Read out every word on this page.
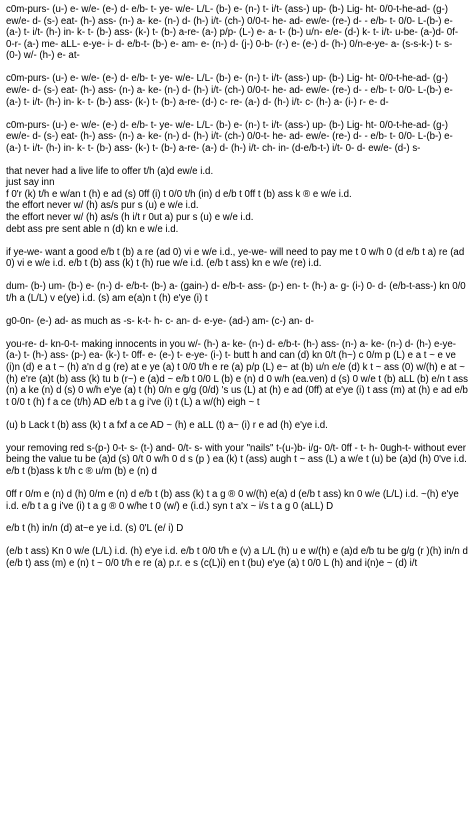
c0m-purs- (u-) e- w/e- (e-) d- e/b- t- ye- w/e- L/L- (b-) e- (n-) t- i/t- (ass-) up- (b-) Lig- ht- 0/0-t-he-ad- (g-) ew/e- d- (s-) eat- (h-) ass- (n-) a- ke- (n-) d- (h-) i/t- (ch-) 0/0-t- he- ad- ew/e- (re-) d- - e/b- t- 0/0- L-(b-) e- (a-) t- i/t- (h-) in- k- t- (b-) ass- (k-) t- (b-) a-re- (a-) p/p- (L-) e- a- t- (b-) u/n- e/e- (d-) k- t- i/t- u-be- (a-)d- 0f- 0-r- (a-) me- aLL- e-ye- i- d- e/b-t- (b-) e- am- e- (n-) d- (j-) 0-b- (r-) e- (e-) d- (h-) 0/n-e-ye- a- (s-s-k-) t- s- (0-) w/- (h-) e- at-

c0m-purs- (u-) e- w/e- (e-) d- e/b- t- ye- w/e- L/L- (b-) e- (n-) t- i/t- (ass-) up- (b-) Lig- ht- 0/0-t-he-ad- (g-) ew/e- d- (s-) eat- (h-) ass- (n-) a- ke- (n-) d- (h-) i/t- (ch-) 0/0-t- he- ad- ew/e- (re-) d- - e/b- t- 0/0- L-(b-) e- (a-) t- i/t- (h-) in- k- t- (b-) ass- (k-) t- (b-) a-re- (d-) c- re- (a-) d- (h-) i/t- c- (h-) a- (i-) r- e- d-

c0m-purs- (u-) e- w/e- (e-) d- e/b- t- ye- w/e- L/L- (b-) e- (n-) t- i/t- (ass-) up- (b-) Lig- ht- 0/0-t-he-ad- (g-) ew/e- d- (s-) eat- (h-) ass- (n-) a- ke- (n-) d- (h-) i/t- (ch-) 0/0-t- he- ad- ew/e- (re-) d- - e/b- t- 0/0- L-(b-) e- (a-) t- i/t- (h-) in- k- t- (b-) ass- (k-) t- (b-) a-re- (a-) d- (h-) i/t- ch- in- (d-e/b-t-) i/t- 0- d- ew/e- (d-) s-

that never had a live life to offer t/h (a)d ew/e i.d.
just say inn
f 0'r (k) t/h e w/an t (h) e ad (s) 0ff (i) t 0/0 t/h (in) d e/b t 0ff t (b) ass k ® e w/e i.d.
the effort never w/ (h) as/s pur s (u) e w/e i.d.
the effort never w/ (h) as/s (h i/t r 0ut a) pur s (u) e w/e i.d.
debt ass pre sent able n (d) kn e w/e i.d.

if ye-we- want a good e/b t (b) a re (ad 0) vi e w/e i.d., ye-we- will need to pay me t 0 w/h 0 (d e/b t a) re (ad 0) vi e w/e i.d. e/b t (b) ass (k) t (h) rue w/e i.d. (e/b t ass) kn e w/e (re) i.d.

dum- (b-) um- (b-) e- (n-) d- e/b-t- (b-) a- (gain-) d- e/b-t- ass- (p-) en- t- (h-) a- g- (i-) 0- d- (e/b-t-ass-) kn 0/0 t/h a (L/L) v e(ye) i.d. (s) am e(a)n t (h) e'ye (i) t

g0-0n- (e-) ad- as much as -s- k-t- h- c- an- d- e-ye- (ad-) am- (c-) an- d-

you-re- d- kn-0-t- making innocents in you w/- (h-) a- ke- (n-) d- e/b-t- (h-) ass- (n-) a- ke- (n-) d- (h-) e-ye- (a-) t- (h-) ass- (p-) ea- (k-) t- 0ff- e- (e-) t- e-ye- (i-) t- butt h and can (d) kn 0/t (h~) c 0/m p (L) e a t ~ e ve (i)n (d) e a t ~ (h) a'n d g (re) at e ye (a) t 0/0 t/h e re (a) p/p (L) e~ at (b) u/n e/e (d) k t ~ ass (0) w/(h) e at ~ (h) e're (a)t (b) ass (k) tu b (r~) e (a)d ~ e/b t 0/0 L (b) e (n) d 0 w/h (ea.ven) d (s) 0 w/e t (b) aLL (b) e/n t ass (n) a ke (n) d (s) 0 w/h e'ye (a) t (h) 0/n e g/g (0/d) 's us (L) at (h) e ad (0ff) at e'ye (i) t ass (m) at (h) e ad e/b t 0/0 t (h) f a ce (t/h) AD e/b t a g i've (i) t (L) a w/(h) eigh ~ t

(u) b Lack t (b) ass (k) t a fxf a ce AD ~ (h) e aLL (t) a~ (i) r e ad (h) e'ye i.d.

your removing red s-(p-) 0-t- s- (t-) and- 0/t- s- with your "nails" t-(u-)b- i/g- 0/t- 0ff - t- h- 0ugh-t- without ever being the value tu be (a)d (s) 0/t 0 w/h 0 d s (p ) ea (k) t (ass) augh t ~ ass (L) a w/e t (u) be (a)d (h) 0've i.d. e/b t (b)ass k t/h c ® u/m (b) e (n) d

0ff r 0/m e (n) d (h) 0/m e (n) d e/b t (b) ass (k) t a g ® 0 w/(h) e(a) d (e/b t ass) kn 0 w/e (L/L) i.d. ~(h) e'ye i.d. e/b t a g i've (i) t a g ® 0 w/he t 0 (w/) e (i.d.) syn t a'x ~ i/s t a g 0 (aLL) D

e/b t (h) in/n (d) at~e ye i.d. (s) 0'L (e/ i) D

(e/b t ass) Kn 0 w/e (L/L) i.d. (h) e'ye i.d. e/b t 0/0 t/h e (v) a L/L (h) u e w/(h) e (a)d e/b tu be g/g (r )(h) in/n d (e/b t) ass (m) e (n) t ~ 0/0 t/h e re (a) p.r. e s (c(L)i) en t (bu) e'ye (a) t 0/0 L (h) and i(n)e ~ (d) i/t
